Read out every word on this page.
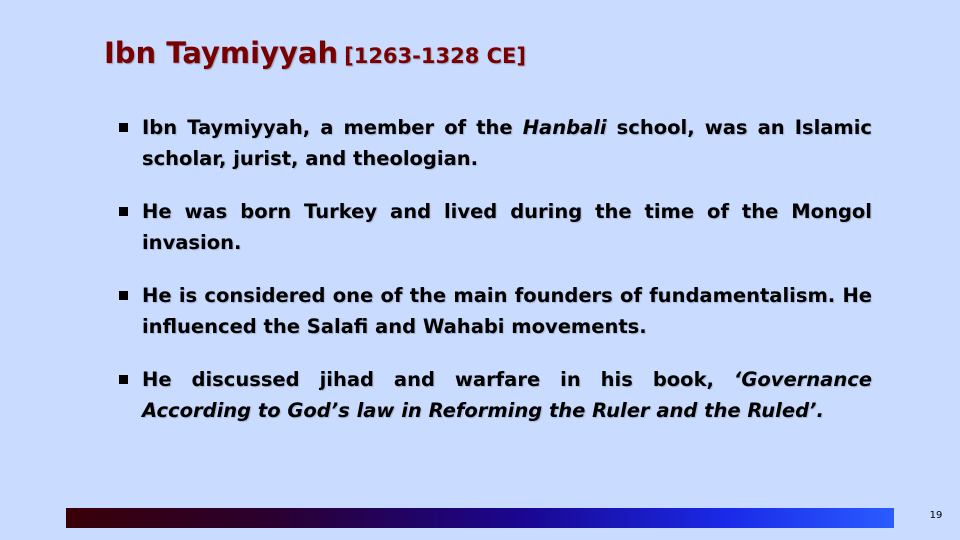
Ibn Taymiyyah [1263-1328 CE]
Ibn Taymiyyah, a member of the Hanbali school, was an Islamic scholar, jurist, and theologian.
He was born Turkey and lived during the time of the Mongol invasion.
He is considered one of the main founders of fundamentalism. He influenced the Salafi and Wahabi movements.
He discussed jihad and warfare in his book, ‘Governance According to God’s law in Reforming the Ruler and the Ruled’.
19
